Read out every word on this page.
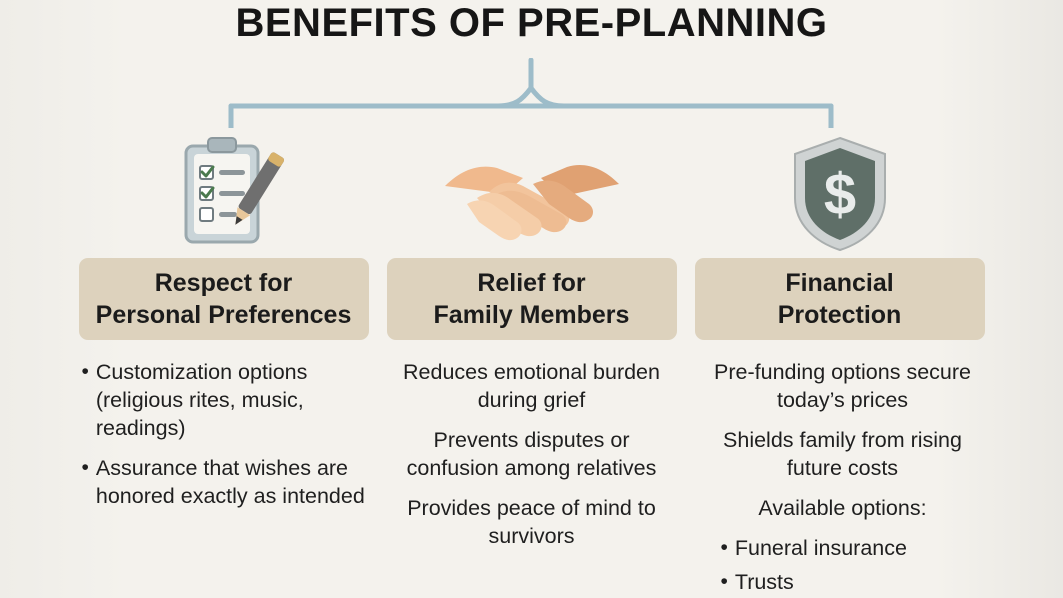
BENEFITS OF PRE-PLANNING
Respect for

Personal Preferences
• Customization options (religious rites, music, readings)
• Assurance that wishes are honored exactly as intended
Relief for

Family Members

Reduces emotional burden during grief

Prevents disputes or confusion among relatives

Provides peace of mind to survivors

$
Financial

Protection

Pre-funding options secure today’s prices

Shields family from rising future costs

Available options:

• Funeral insurance
• Trusts
